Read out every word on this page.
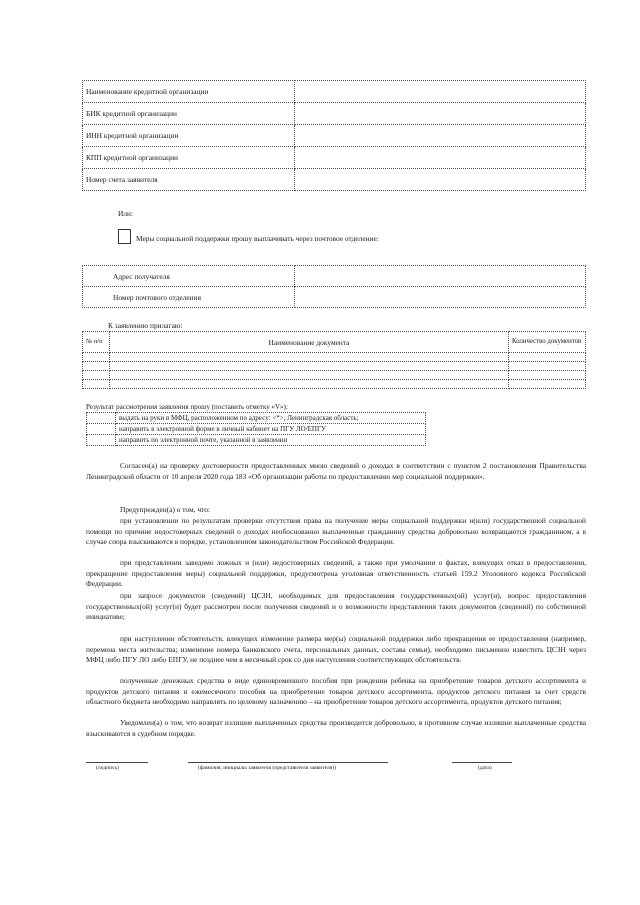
Наименование кредитной организации	
БИК кредитной организации	
ИНН кредитной организации	
КПП кредитной организации	
Номер счета заявителя	
Или:
Меры социальной поддержки прошу выплачивать через почтовое отделение:
Адрес получателя	
Номер почтового отделения	
К заявлению прилагаю:
№ п/п	Наименование документа	Количество документов

Результат рассмотрения заявления прошу (поставить отметку «V»):
	выдать на руки в МФЦ, расположенном по адресу: <*>, Ленинградская область;
	направить в электронной форме в личный кабинет на ПГУ ЛО/ЕПГУ
	направить по электронной почте, указанной в заявлении
Согласен(а) на проверку достоверности предоставленных мною сведений о доходах в соответствии с пунктом 2 постановления Правительства Ленинградской области от 10 апреля 2020 года 183 «Об организации работы по предоставлению мер социальной поддержки».
Предупрежден(а) о том, что:
при установлении по результатам проверки отсутствия права на получение меры социальной поддержки и(или) государственной социальной помощи по причине недостоверных сведений о доходах необоснованно выплаченные гражданину средства добровольно возвращаются гражданином, а в случае спора взыскиваются в порядке, установленном законодательством Российской Федерации.
при представлении заведомо ложных и (или) недостоверных сведений, а также при умолчании о фактах, влекущих отказ в предоставлении, прекращение предоставления меры) социальной поддержки, предусмотрена уголовная ответственность статьей 159.2 Уголовного кодекса Российской Федерации.
при запросе документов (сведений) ЦСЗН, необходимых для предоставления государственных(ой) услуг(и), вопрос предоставления государственных(ой) услуг(и) будет рассмотрен после получения сведений и о возможности представления таких документов (сведений) по собственной инициативе;
при наступлении обстоятельств, влекущих изменение размера мер(ы) социальной поддержки либо прекращения ее предоставления (например, перемена места жительства; изменение номера банковского счета, персональных данных, состава семьи), необходимо письменно известить ЦСЗН через МФЦ либо ПГУ ЛО либо ЕПГУ, не позднее чем в месячный срок со дня наступления соответствующих обстоятельств.
полученные денежных средства в виде единовременного пособия при рождении ребенка на приобретение товаров детского ассортимента и продуктов детского питания и ежемесячного пособия на приобретение товаров детского ассортимента, продуктов детского питания за счет средств областного бюджета необходимо направлять по целевому назначению – на приобретение товаров детского ассортимента, продуктов детского питания;
Уведомлен(а) о том, что возврат излишне выплаченных средства производится добровольно, в противном случае излишне выплаченные средства взыскиваются в судебном порядке.
(подпись)	(фамилия, инициалы заявителя (представителя заявителя))	(дата)
